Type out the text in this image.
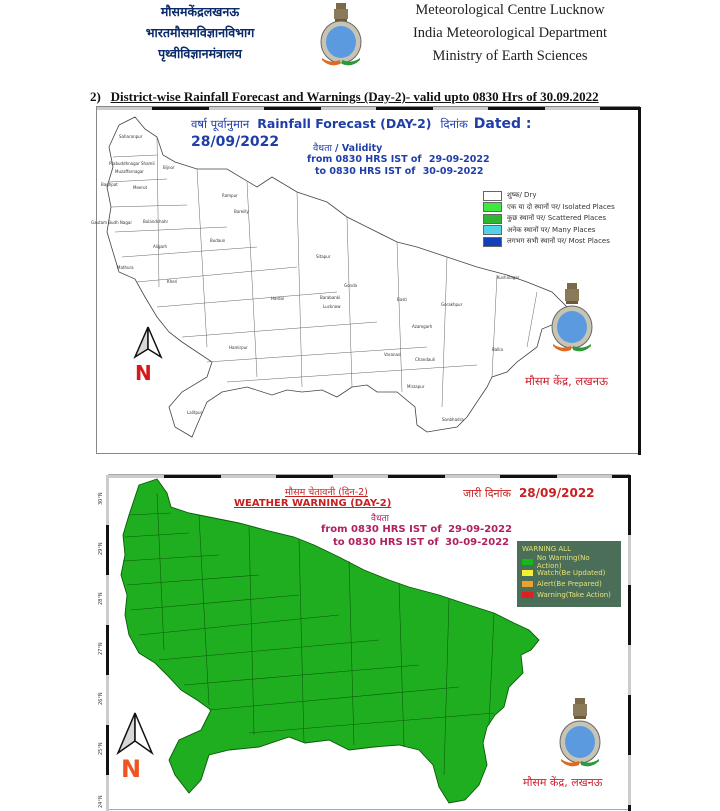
मौसमकेंद्रलखनऊ
भारतमौसमविज्ञानविभाग
पृथ्वीविज्ञानमंत्रालय
Meteorological Centre Lucknow
India Meteorological Department
Ministry of Earth Sciences
2) District-wise Rainfall Forecast and Warnings (Day-2)- valid upto 0830 Hrs of 30.09.2022
Saharanpur
Prabuddhnagar Shamli
Muzaffarnagar
Bijnor
Baghpat
Meerut
Gautam Budh Nagar	Bulandshahr
Rampur
Bareilly
Budaun
Aligarh
Mathura
Kheri
Sitapur
Hardoi
Gonda
Barabanki
Lucknow
Basti
Gorakhpur
Kushinagar
Azamgarh
Ballia
Varanasi
Chandauli
Mirzapur
Sonbhadra
Hamirpur
Lalitpur
वर्षा पूर्वानुमान Rainfall Forecast (DAY-2) दिनांक Dated : 28/09/2022	वैधता / Validity
from 0830 HRS IST of 29-09-2022
to 0830 HRS IST of 30-09-2022
N	मौसम केंद्र, लखनऊ
शुष्क/ Dry
एक या दो स्थानों पर/ Isolated Places
कुछ स्थानों पर/ Scattered Places
अनेक स्थानों पर/ Many Places
लगभग सभी स्थानों पर/ Most Places
30°N
29°N
28°N
27°N
26°N
25°N
24°N
मौसम चेतावनी (दिन-2)
WEATHER WARNING (DAY-2)
जारी दिनांक 28/09/2022
वैधता
from 0830 HRS IST of 29-09-2022
to 0830 HRS IST of 30-09-2022
N	मौसम केंद्र, लखनऊ
WARNING ALL
No Warning(No Action)
Watch(Be Updated)
Alert(Be Prepared)
Warning(Take Action)
